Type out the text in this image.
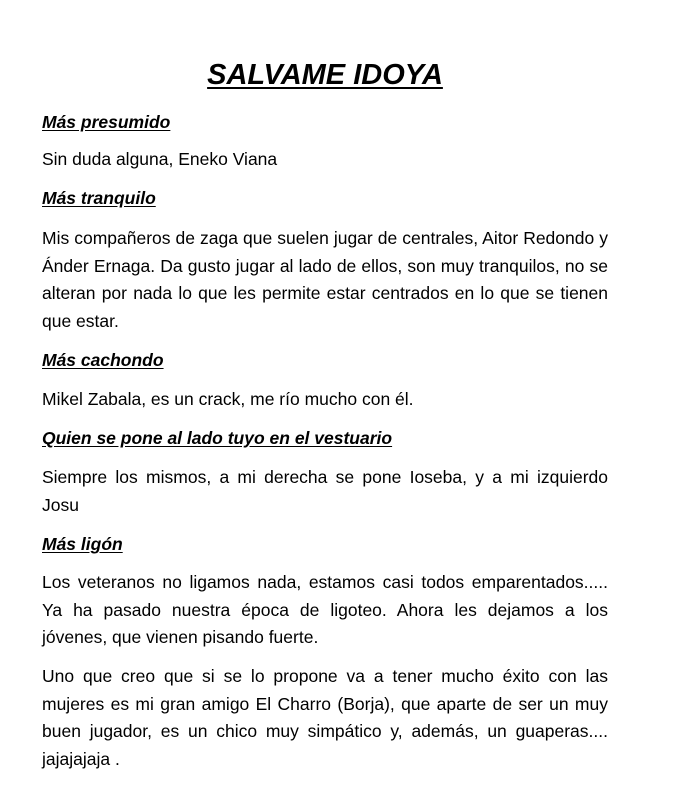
SALVAME IDOYA
Más presumido

Sin duda alguna, Eneko Viana

Más tranquilo

Mis compañeros de zaga que suelen jugar de centrales, Aitor Redondo y Ánder Ernaga. Da gusto jugar al lado de ellos, son muy tranquilos, no se alteran por nada lo que les permite estar centrados en lo que se tienen que estar.

Más cachondo

Mikel Zabala, es un crack, me río mucho con él.

Quien se pone al lado tuyo en el vestuario

Siempre los mismos, a mi derecha se pone Ioseba, y a mi izquierdo Josu

Más ligón

Los veteranos no ligamos nada, estamos casi todos emparentados..... Ya ha pasado nuestra época de ligoteo. Ahora les dejamos a los jóvenes, que vienen pisando fuerte.

Uno que creo que si se lo propone va a tener mucho éxito con las mujeres es mi gran amigo El Charro (Borja), que aparte de ser un muy buen jugador, es un chico muy simpático y, además, un guaperas.... jajajajaja .
